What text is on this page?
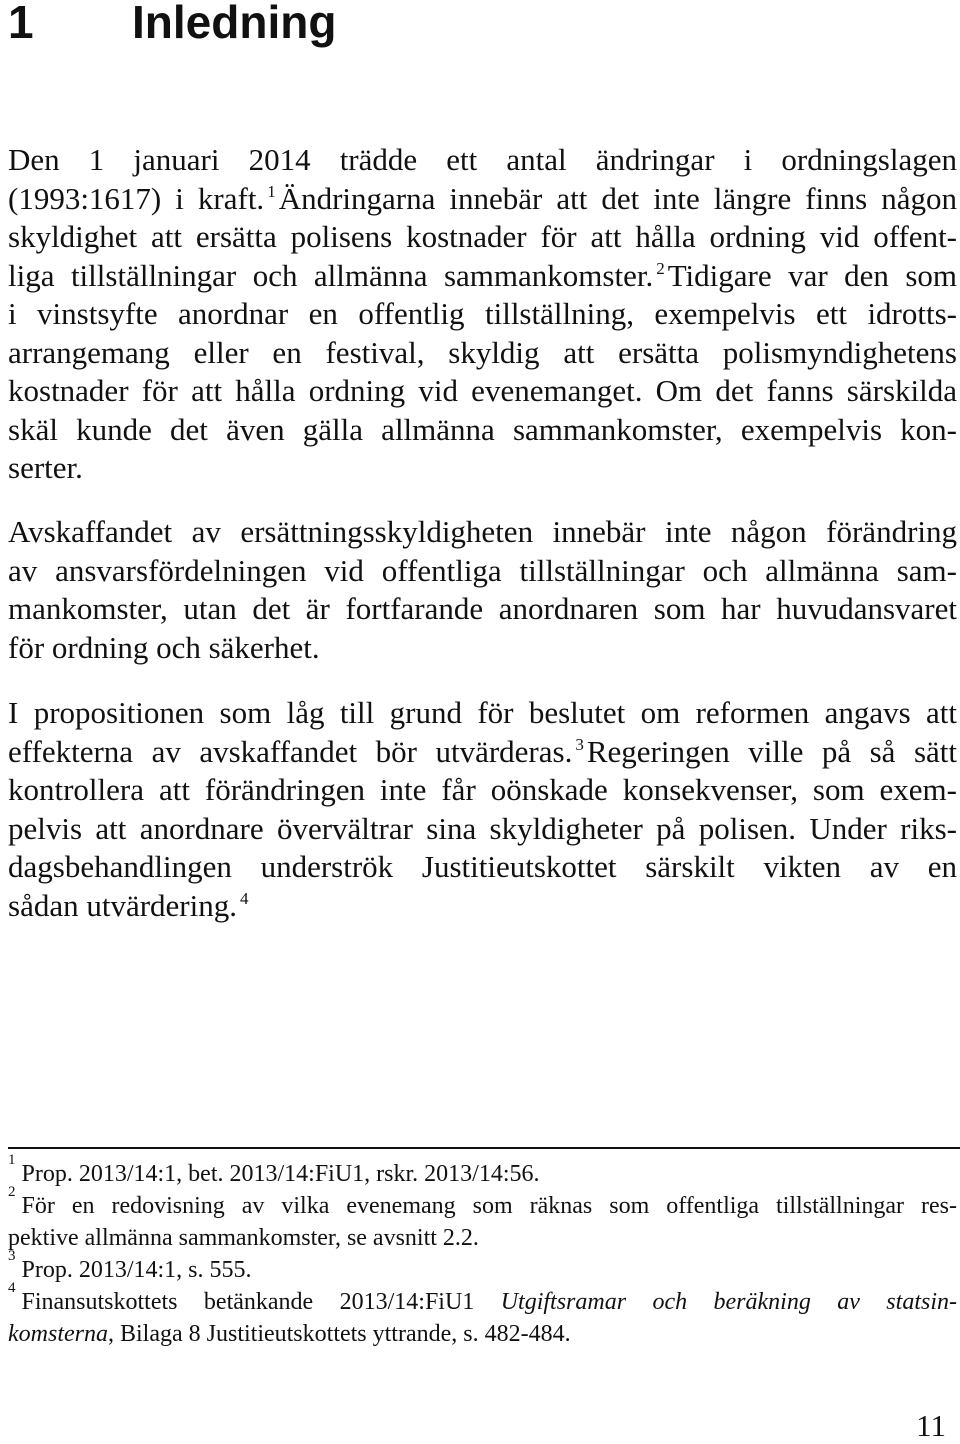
1 Inledning
Den 1 januari 2014 trädde ett antal ändringar i ordningslagen
(1993:1617) i kraft. $^1$Ändringarna innebär att det inte längre finns någon
skyldighet att ersätta polisens kostnader för att hålla ordning vid offent-
liga tillställningar och allmänna sammankomster. $^2$Tidigare var den som
i vinstsyfte anordnar en offentlig tillställning, exempelvis ett idrotts-
arrangemang eller en festival, skyldig att ersätta polismyndighetens
kostnader för att hålla ordning vid evenemanget. Om det fanns särskilda
skäl kunde det även gälla allmänna sammankomster, exempelvis kon-
serter.
Avskaffandet av ersättningsskyldigheten innebär inte någon förändring
av ansvarsfördelningen vid offentliga tillställningar och allmänna sam-
mankomster, utan det är fortfarande anordnaren som har huvudansvaret
för ordning och säkerhet.
I propositionen som låg till grund för beslutet om reformen angavs att
effekterna av avskaffandet bör utvärderas. $^3$Regeringen ville på så sätt
kontrollera att förändringen inte får oönskade konsekvenser, som exem-
pelvis att anordnare övervältrar sina skyldigheter på polisen. Under riks-
dagsbehandlingen underströk Justitieutskottet särskilt vikten av en
sådan utvärdering. $^4$
$^1$Prop. 2013/14:1, bet. 2013/14:FiU1, rskr. 2013/14:56.
$^2$För en redovisning av vilka evenemang som räknas som offentliga tillställningar res-
pektive allmänna sammankomster, se avsnitt 2.2.
$^3$Prop. 2013/14:1, s. 555.
$^4$Finansutskottets betänkande 2013/14:FiU1 Utgiftsramar och beräkning av statsin-
komsterna, Bilaga 8 Justitieutskottets yttrande, s. 482-484.
11
